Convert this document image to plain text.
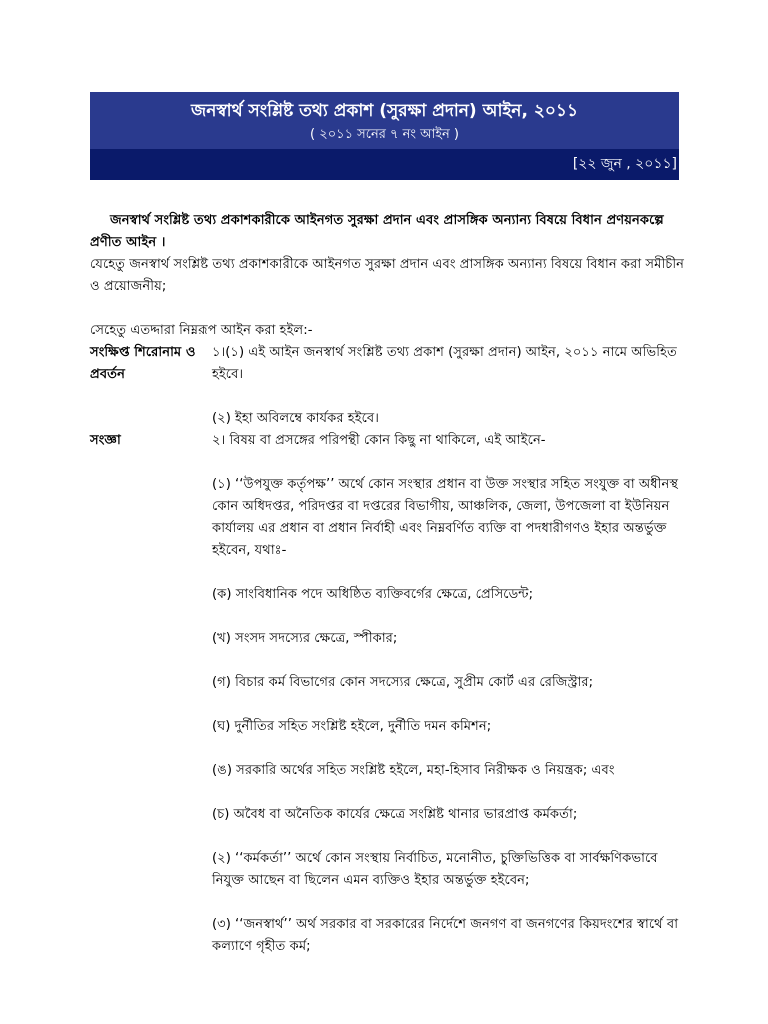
জনস্বার্থ সংশ্লিষ্ট তথ্য প্রকাশ (সুরক্ষা প্রদান) আইন, ২০১১
( ২০১১ সনের ৭ নং আইন )
[২২ জুন , ২০১১]

জনস্বার্থ সংশ্লিষ্ট তথ্য প্রকাশকারীকে আইনগত সুরক্ষা প্রদান এবং প্রাসঙ্গিক অন্যান্য বিষয়ে বিধান প্রণয়নকল্পে প্রণীত আইন ।

যেহেতু জনস্বার্থ সংশ্লিষ্ট তথ্য প্রকাশকারীকে আইনগত সুরক্ষা প্রদান এবং প্রাসঙ্গিক অন্যান্য বিষয়ে বিধান করা সমীচীন ও প্রয়োজনীয়;

সেহেতু এতদ্দারা নিম্নরূপ আইন করা হইল:-

সংক্ষিপ্ত শিরোনাম ও প্রবর্তন

১।(১) এই আইন জনস্বার্থ সংশ্লিষ্ট তথ্য প্রকাশ (সুরক্ষা প্রদান) আইন, ২০১১ নামে অভিহিত হইবে।

(২) ইহা অবিলম্বে কার্যকর হইবে।

সংজ্ঞা	২। বিষয় বা প্রসঙ্গের পরিপন্থী কোন কিছু না থাকিলে, এই আইনে-

(১) ‘‘উপযুক্ত কর্তৃপক্ষ’’ অর্থে কোন সংস্থার প্রধান বা উক্ত সংস্থার সহিত সংযুক্ত বা অধীনস্থ কোন অধিদপ্তর, পরিদপ্তর বা দপ্তরের বিভাগীয়, আঞ্চলিক, জেলা, উপজেলা বা ইউনিয়ন কার্যালয় এর প্রধান বা প্রধান নির্বাহী এবং নিম্নবর্ণিত ব্যক্তি বা পদধারীগণও ইহার অন্তর্ভুক্ত হইবেন, যথাঃ-

(ক) সাংবিধানিক পদে অধিষ্ঠিত ব্যক্তিবর্গের ক্ষেত্রে, প্রেসিডেন্ট;

(খ) সংসদ সদস্যের ক্ষেত্রে, স্পীকার;

(গ) বিচার কর্ম বিভাগের কোন সদস্যের ক্ষেত্রে, সুপ্রীম কোর্ট এর রেজিস্ট্রার;

(ঘ) দুর্নীতির সহিত সংশ্লিষ্ট হইলে, দুর্নীতি দমন কমিশন;

(ঙ) সরকারি অর্থের সহিত সংশ্লিষ্ট হইলে, মহা-হিসাব নিরীক্ষক ও নিয়ন্ত্রক; এবং

(চ) অবৈধ বা অনৈতিক কার্যের ক্ষেত্রে সংশ্লিষ্ট থানার ভারপ্রাপ্ত কর্মকর্তা;

(২) ‘‘কর্মকর্তা’’ অর্থে কোন সংস্থায় নির্বাচিত, মনোনীত, চুক্তিভিত্তিক বা সার্বক্ষণিকভাবে নিযুক্ত আছেন বা ছিলেন এমন ব্যক্তিও ইহার অন্তর্ভুক্ত হইবেন;

(৩) ‘‘জনস্বার্থ’’ অর্থ সরকার বা সরকারের নির্দেশে জনগণ বা জনগণের কিয়দংশের স্বার্থে বা কল্যাণে গৃহীত কর্ম;
